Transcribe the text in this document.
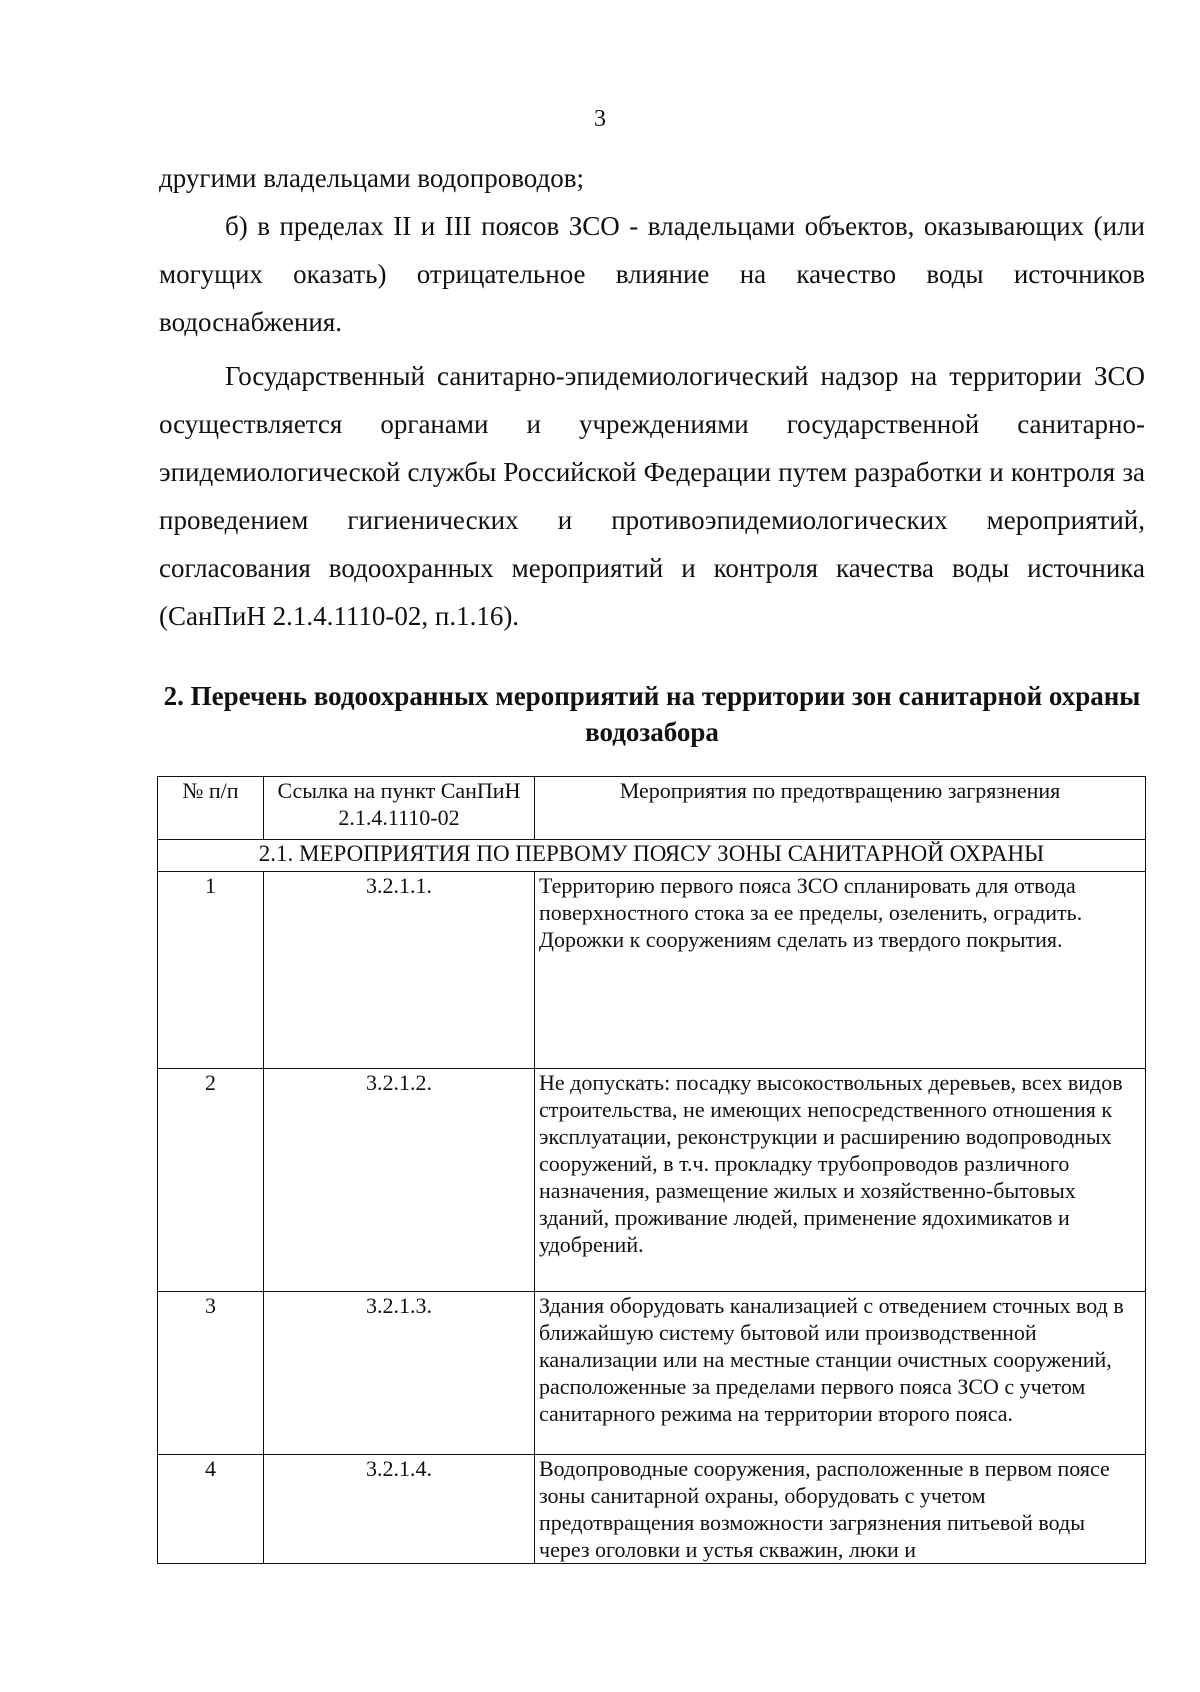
3

другими владельцами водопроводов;

б) в пределах II и III поясов ЗСО - владельцами объектов, оказывающих (или могущих оказать) отрицательное влияние на качество воды источников водоснабжения.

Государственный санитарно-эпидемиологический надзор на территории ЗСО осуществляется органами и учреждениями государственной санитарно-эпидемиологической службы Российской Федерации путем разработки и контроля за проведением гигиенических и противоэпидемиологических мероприятий, согласования водоохранных мероприятий и контроля качества воды источника (СанПиН 2.1.4.1110-02, п.1.16).

2. Перечень водоохранных мероприятий на территории зон санитарной охраны водозабора
№ п/п	Ссылка на пункт СанПиН 2.1.4.1110-02	Мероприятия по предотвращению загрязнения
2.1. МЕРОПРИЯТИЯ ПО ПЕРВОМУ ПОЯСУ ЗОНЫ САНИТАРНОЙ ОХРАНЫ		
1	3.2.1.1.	Территорию первого пояса ЗСО спланировать для отвода поверхностного стока за ее пределы, озеленить, оградить. Дорожки к сооружениям сделать из твердого покрытия.
2	3.2.1.2.	Не допускать: посадку высокоствольных деревьев, всех видов строительства, не имеющих непосредственного отношения к эксплуатации, реконструкции и расширению водопроводных сооружений, в т.ч. прокладку трубопроводов различного назначения, размещение жилых и хозяйственно-бытовых зданий, проживание людей, применение ядохимикатов и удобрений.
3	3.2.1.3.	Здания оборудовать канализацией с отведением сточных вод в ближайшую систему бытовой или производственной канализации или на местные станции очистных сооружений, расположенные за пределами первого пояса ЗСО с учетом санитарного режима на территории второго пояса.
4	3.2.1.4.	Водопроводные сооружения, расположенные в первом поясе зоны санитарной охраны, оборудовать с учетом предотвращения возможности загрязнения питьевой воды через оголовки и устья скважин, люки и
